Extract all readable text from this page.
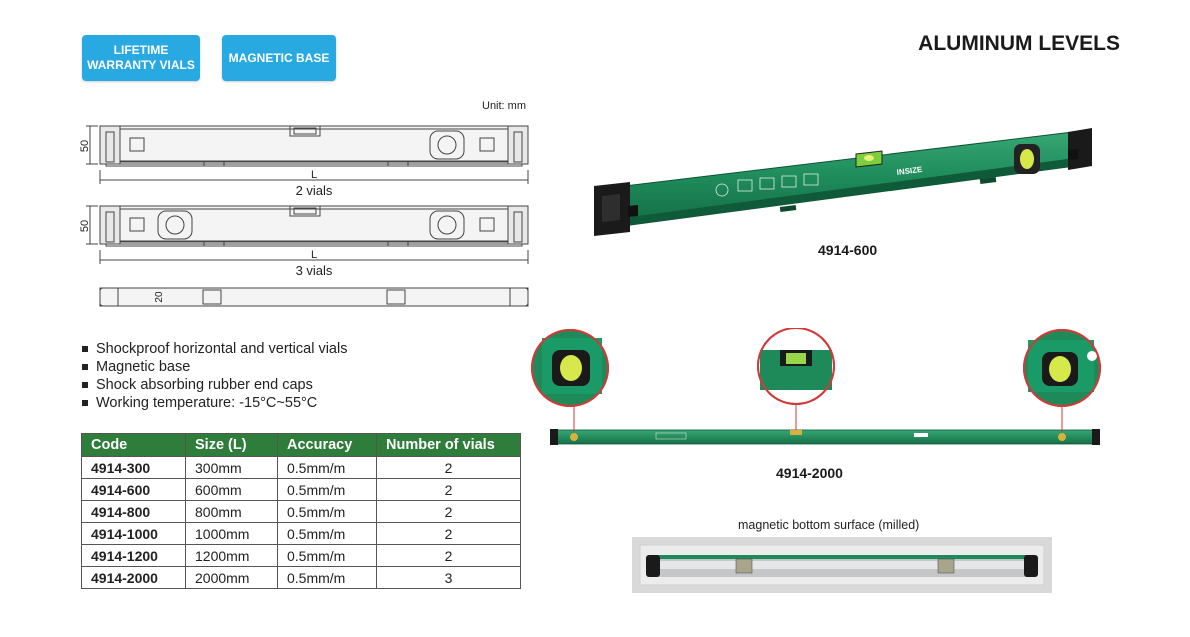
LIFETIME
WARRANTY VIALS
MAGNETIC BASE
ALUMINUM LEVELS
Unit: mm
50
L
2 vials
50
L
3 vials
20
Shockproof horizontal and vertical vials
Magnetic base
Shock absorbing rubber end caps
Working temperature: -15°C~55°C
Code	Size (L)	Accuracy	Number of vials
4914-300	300mm	0.5mm/m	2
4914-600	600mm	0.5mm/m	2
4914-800	800mm	0.5mm/m	2
4914-1000	1000mm	0.5mm/m	2
4914-1200	1200mm	0.5mm/m	2
4914-2000	2000mm	0.5mm/m	3
INSIZE
4914-600
4914-2000
magnetic bottom surface (milled)
